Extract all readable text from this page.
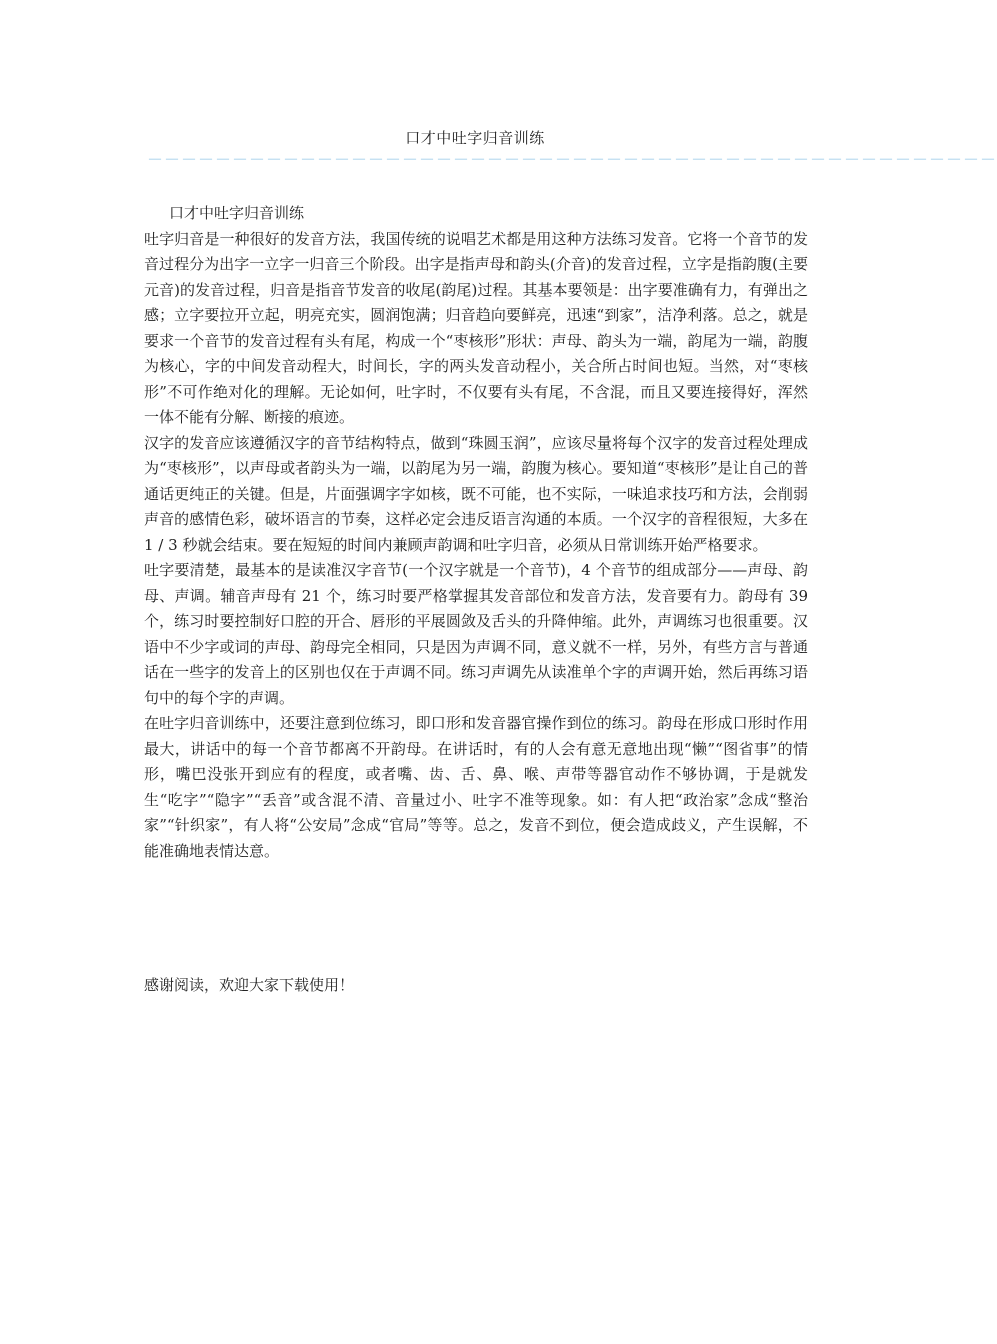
口才中吐字归音训练
－－－－－－－－－－－－－－－－－－－－－－－－－－－－－－－－－－－－－－－－－－－－－－－－－－

口才中吐字归音训练

吐字归音是一种很好的发音方法，我国传统的说唱艺术都是用这种方法练习发音。它将一个音节的发音过程分为出字一立字一归音三个阶段。出字是指声母和韵头(介音)的发音过程，立字是指韵腹(主要元音)的发音过程，归音是指音节发音的收尾(韵尾)过程。其基本要领是：出字要准确有力，有弹出之感；立字要拉开立起，明亮充实，圆润饱满；归音趋向要鲜亮，迅速“到家”，洁净利落。总之，就是要求一个音节的发音过程有头有尾，构成一个“枣核形”形状：声母、韵头为一端，韵尾为一端，韵腹为核心，字的中间发音动程大，时间长，字的两头发音动程小，关合所占时间也短。当然，对“枣核形”不可作绝对化的理解。无论如何，吐字时，不仅要有头有尾，不含混，而且又要连接得好，浑然一体不能有分解、断接的痕迹。

汉字的发音应该遵循汉字的音节结构特点，做到“珠圆玉润”，应该尽量将每个汉字的发音过程处理成为“枣核形”，以声母或者韵头为一端，以韵尾为另一端，韵腹为核心。要知道“枣核形”是让自己的普通话更纯正的关键。但是，片面强调字字如核，既不可能，也不实际，一味追求技巧和方法，会削弱声音的感情色彩，破坏语言的节奏，这样必定会违反语言沟通的本质。一个汉字的音程很短，大多在 1 / 3 秒就会结束。要在短短的时间内兼顾声韵调和吐字归音，必须从日常训练开始严格要求。

吐字要清楚，最基本的是读准汉字音节(一个汉字就是一个音节)，4 个音节的组成部分——声母、韵母、声调。辅音声母有 21 个，练习时要严格掌握其发音部位和发音方法，发音要有力。韵母有 39 个，练习时要控制好口腔的开合、唇形的平展圆敛及舌头的升降伸缩。此外，声调练习也很重要。汉语中不少字或词的声母、韵母完全相同，只是因为声调不同，意义就不一样，另外，有些方言与普通话在一些字的发音上的区别也仅在于声调不同。练习声调先从读准单个字的声调开始，然后再练习语句中的每个字的声调。

在吐字归音训练中，还要注意到位练习，即口形和发音器官操作到位的练习。韵母在形成口形时作用最大，讲话中的每一个音节都离不开韵母。在讲话时，有的人会有意无意地出现“懒”“图省事”的情形，嘴巴没张开到应有的程度，或者嘴、齿、舌、鼻、喉、声带等器官动作不够协调，于是就发生“吃字”“隐字”“丢音”或含混不清、音量过小、吐字不准等现象。如：有人把“政治家”念成“整治家”“针织家”，有人将“公安局”念成“官局”等等。总之，发音不到位，便会造成歧义，产生误解，不能准确地表情达意。

感谢阅读，欢迎大家下载使用！
